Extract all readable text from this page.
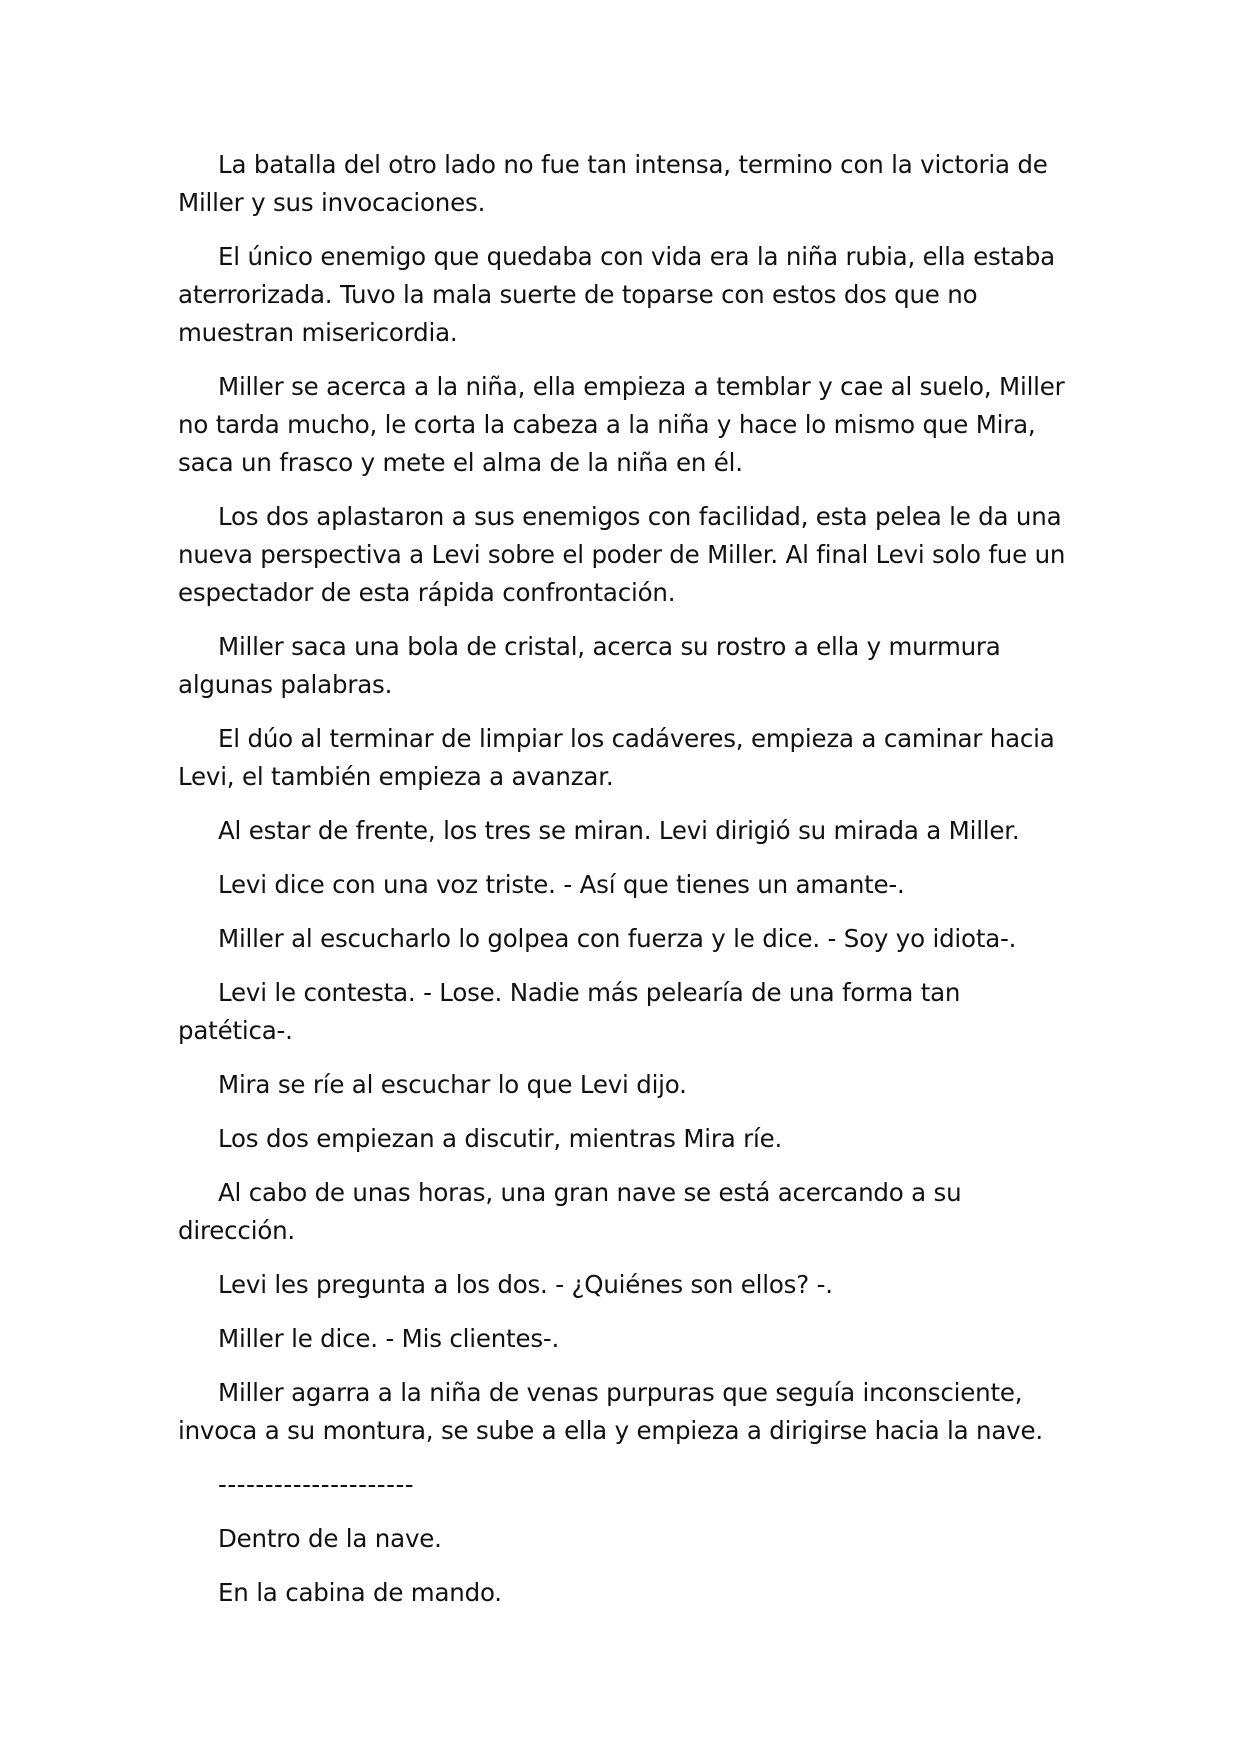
La batalla del otro lado no fue tan intensa, termino con la victoria de Miller y sus invocaciones.

El único enemigo que quedaba con vida era la niña rubia, ella estaba aterrorizada. Tuvo la mala suerte de toparse con estos dos que no muestran misericordia.

Miller se acerca a la niña, ella empieza a temblar y cae al suelo, Miller no tarda mucho, le corta la cabeza a la niña y hace lo mismo que Mira, saca un frasco y mete el alma de la niña en él.

Los dos aplastaron a sus enemigos con facilidad, esta pelea le da una nueva perspectiva a Levi sobre el poder de Miller. Al final Levi solo fue un espectador de esta rápida confrontación.

Miller saca una bola de cristal, acerca su rostro a ella y murmura algunas palabras.

El dúo al terminar de limpiar los cadáveres, empieza a caminar hacia Levi, el también empieza a avanzar.

Al estar de frente, los tres se miran. Levi dirigió su mirada a Miller.

Levi dice con una voz triste. - Así que tienes un amante-.

Miller al escucharlo lo golpea con fuerza y le dice. - Soy yo idiota-.

Levi le contesta. - Lose. Nadie más pelearía de una forma tan patética-.

Mira se ríe al escuchar lo que Levi dijo.

Los dos empiezan a discutir, mientras Mira ríe.

Al cabo de unas horas, una gran nave se está acercando a su dirección.

Levi les pregunta a los dos. - ¿Quiénes son ellos? -.

Miller le dice. - Mis clientes-.

Miller agarra a la niña de venas purpuras que seguía inconsciente, invoca a su montura, se sube a ella y empieza a dirigirse hacia la nave.

---------------------

Dentro de la nave.

En la cabina de mando.
